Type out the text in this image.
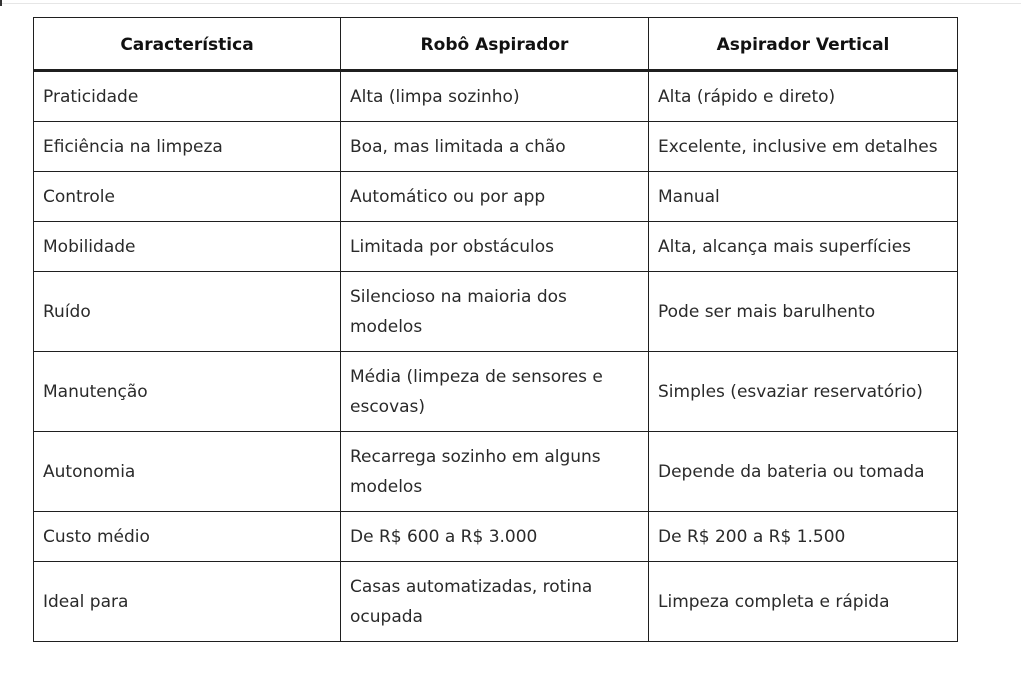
Característica	Robô Aspirador	Aspirador Vertical
Praticidade	Alta (limpa sozinho)	Alta (rápido e direto)
Eficiência na limpeza	Boa, mas limitada a chão	Excelente, inclusive em detalhes
Controle	Automático ou por app	Manual
Mobilidade	Limitada por obstáculos	Alta, alcança mais superfícies
Ruído	Silencioso na maioria dos modelos	Pode ser mais barulhento
Manutenção	Média (limpeza de sensores e escovas)	Simples (esvaziar reservatório)
Autonomia	Recarrega sozinho em alguns modelos	Depende da bateria ou tomada
Custo médio	De R$ 600 a R$ 3.000	De R$ 200 a R$ 1.500
Ideal para	Casas automatizadas, rotina ocupada	Limpeza completa e rápida
